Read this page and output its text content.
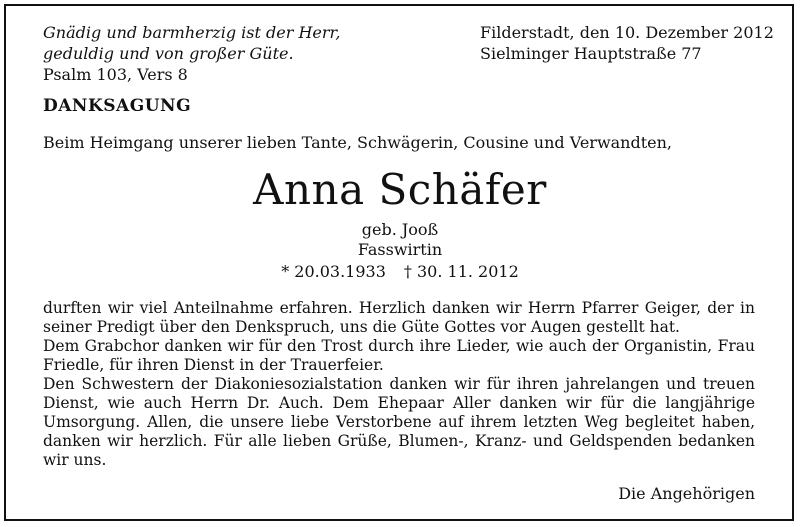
Gnädig und barmherzig ist der Herr,
geduldig und von großer Güte.
Psalm 103, Vers 8
Filderstadt, den 10. Dezember 2012
Sielminger Hauptstraße 77
DANKSAGUNG
Beim Heimgang unserer lieben Tante, Schwägerin, Cousine und Verwandten,
Anna Schäfer
geb. Jooß
Fasswirtin
* 20.03.1933 † 30. 11. 2012

durften wir viel Anteilnahme erfahren. Herzlich danken wir Herrn Pfarrer Geiger, der in seiner Predigt über den Denkspruch, uns die Güte Gottes vor Augen gestellt hat.

Dem Grabchor danken wir für den Trost durch ihre Lieder, wie auch der Organistin, Frau Friedle, für ihren Dienst in der Trauerfeier.

Den Schwestern der Diakoniesozialstation danken wir für ihren jahrelangen und treuen Dienst, wie auch Herrn Dr. Auch. Dem Ehepaar Aller danken wir für die langjährige Umsorgung. Allen, die unsere liebe Verstorbene auf ihrem letzten Weg begleitet haben, danken wir herzlich. Für alle lieben Grüße, Blumen-, Kranz- und Geldspenden bedanken wir uns.

Die Angehörigen
